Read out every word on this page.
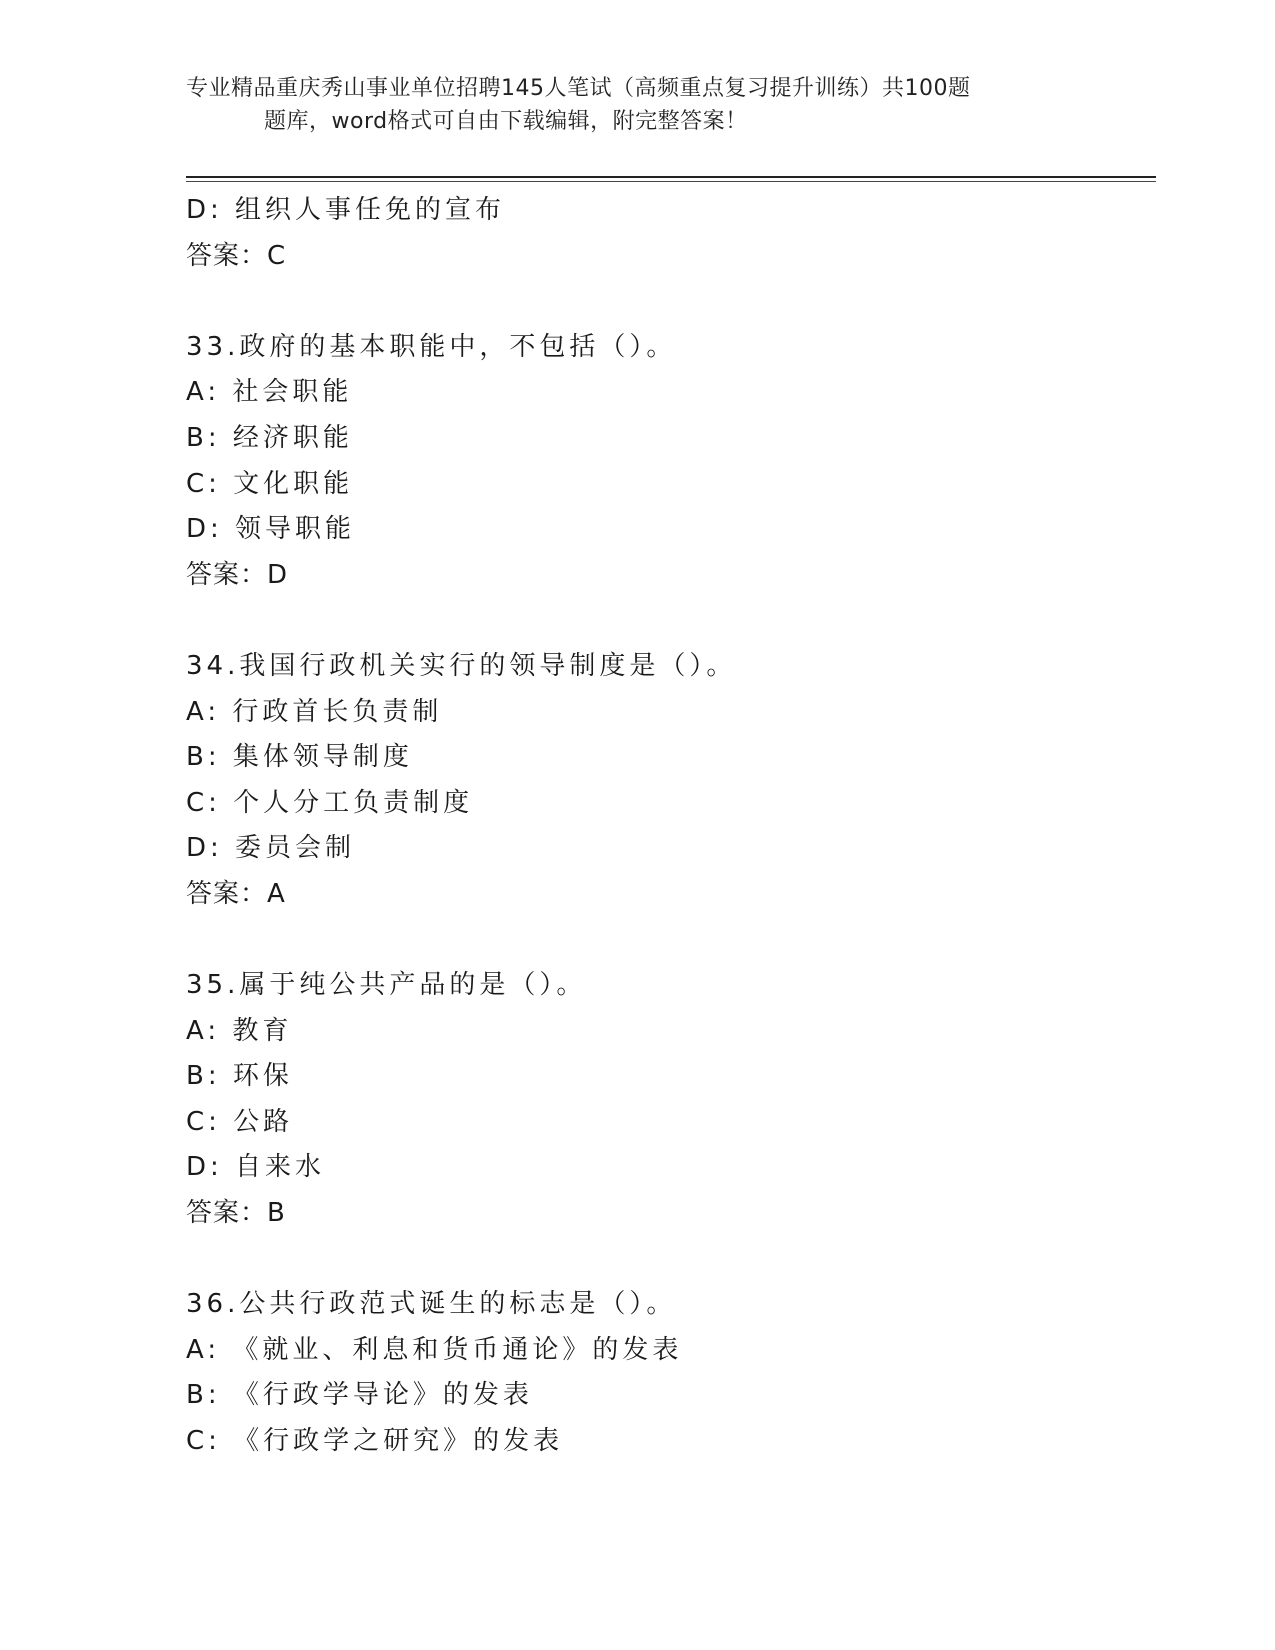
专业精品重庆秀山事业单位招聘145人笔试（高频重点复习提升训练）共100题
题库，word格式可自由下载编辑，附完整答案！
D: 组织人事任免的宣布
答案：C
33.政府的基本职能中，不包括（）。
A: 社会职能
B: 经济职能
C: 文化职能
D: 领导职能
答案：D
34.我国行政机关实行的领导制度是（）。
A: 行政首长负责制
B: 集体领导制度
C: 个人分工负责制度
D: 委员会制
答案：A
35.属于纯公共产品的是（）。
A: 教育
B: 环保
C: 公路
D: 自来水
答案：B
36.公共行政范式诞生的标志是（）。
A: 《就业、利息和货币通论》的发表
B: 《行政学导论》的发表
C: 《行政学之研究》的发表
